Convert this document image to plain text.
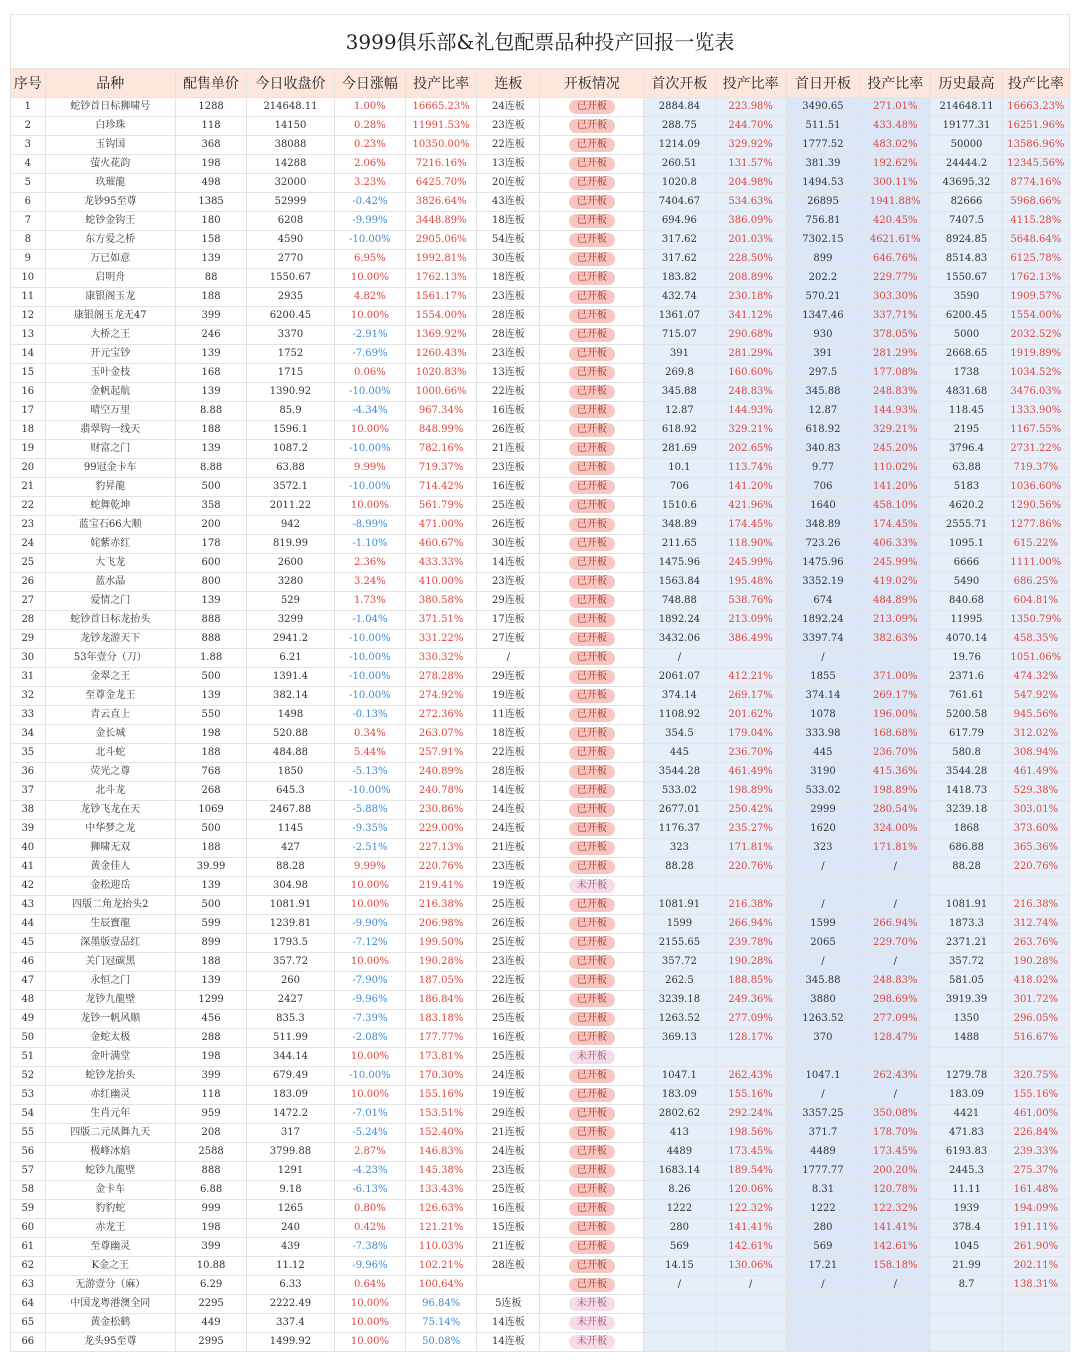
3999俱乐部&礼包配票品种投产回报一览表
序号	品种	配售单价	今日收盘价	今日涨幅	投产比率	连板	开板情况	首次开板	投产比率	首日开板	投产比率	历史最高	投产比率
1	蛇钞首日标狮啸号	1288	214648.11	1.00%	16665.23%	24连板	已开板	2884.84	223.98%	3490.65	271.01%	214648.11	16663.23%
2	白珍珠	118	14150	0.28%	11991.53%	23连板	已开板	288.75	244.70%	511.51	433.48%	19177.31	16251.96%
3	玉钩国	368	38088	0.23%	10350.00%	22连板	已开板	1214.09	329.92%	1777.52	483.02%	50000	13586.96%
4	萤火花韵	198	14288	2.06%	7216.16%	13连板	已开板	260.51	131.57%	381.39	192.62%	24444.2	12345.56%
5	玖璀龍	498	32000	3.23%	6425.70%	20连板	已开板	1020.8	204.98%	1494.53	300.11%	43695.32	8774.16%
6	龙钞95至尊	1385	52999	-0.42%	3826.64%	43连板	已开板	7404.67	534.63%	26895	1941.88%	82666	5968.66%
7	蛇钞金钩王	180	6208	-9.99%	3448.89%	18连板	已开板	694.96	386.09%	756.81	420.45%	7407.5	4115.28%
8	东方爱之桥	158	4590	-10.00%	2905.06%	54连板	已开板	317.62	201.03%	7302.15	4621.61%	8924.85	5648.64%
9	万已如意	139	2770	6.95%	1992.81%	30连板	已开板	317.62	228.50%	899	646.76%	8514.83	6125.78%
10	启明舟	88	1550.67	10.00%	1762.13%	18连板	已开板	183.82	208.89%	202.2	229.77%	1550.67	1762.13%
11	康银阁玉龙	188	2935	4.82%	1561.17%	23连板	已开板	432.74	230.18%	570.21	303.30%	3590	1909.57%
12	康银阁玉龙无47	399	6200.45	10.00%	1554.00%	28连板	已开板	1361.07	341.12%	1347.46	337.71%	6200.45	1554.00%
13	大桥之王	246	3370	-2.91%	1369.92%	28连板	已开板	715.07	290.68%	930	378.05%	5000	2032.52%
14	开元宝钞	139	1752	-7.69%	1260.43%	23连板	已开板	391	281.29%	391	281.29%	2668.65	1919.89%
15	玉叶金枝	168	1715	0.06%	1020.83%	13连板	已开板	269.8	160.60%	297.5	177.08%	1738	1034.52%
16	金帆起航	139	1390.92	-10.00%	1000.66%	22连板	已开板	345.88	248.83%	345.88	248.83%	4831.68	3476.03%
17	晴空万里	8.88	85.9	-4.34%	967.34%	16连板	已开板	12.87	144.93%	12.87	144.93%	118.45	1333.90%
18	翡翠钩一线天	188	1596.1	10.00%	848.99%	26连板	已开板	618.92	329.21%	618.92	329.21%	2195	1167.55%
19	财富之门	139	1087.2	-10.00%	782.16%	21连板	已开板	281.69	202.65%	340.83	245.20%	3796.4	2731.22%
20	99冠金卡车	8.88	63.88	9.99%	719.37%	23连板	已开板	10.1	113.74%	9.77	110.02%	63.88	719.37%
21	豹昇龍	500	3572.1	-10.00%	714.42%	16连板	已开板	706	141.20%	706	141.20%	5183	1036.60%
22	蛇舞乾坤	358	2011.22	10.00%	561.79%	25连板	已开板	1510.6	421.96%	1640	458.10%	4620.2	1290.56%
23	蓝宝石66大顺	200	942	-8.99%	471.00%	26连板	已开板	348.89	174.45%	348.89	174.45%	2555.71	1277.86%
24	姹紫赤红	178	819.99	-1.10%	460.67%	30连板	已开板	211.65	118.90%	723.26	406.33%	1095.1	615.22%
25	大飞龙	600	2600	2.36%	433.33%	14连板	已开板	1475.96	245.99%	1475.96	245.99%	6666	1111.00%
26	蓝水晶	800	3280	3.24%	410.00%	23连板	已开板	1563.84	195.48%	3352.19	419.02%	5490	686.25%
27	爱情之门	139	529	1.73%	380.58%	29连板	已开板	748.88	538.76%	674	484.89%	840.68	604.81%
28	蛇钞首日标龙抬头	888	3299	-1.04%	371.51%	17连板	已开板	1892.24	213.09%	1892.24	213.09%	11995	1350.79%
29	龙钞龙游天下	888	2941.2	-10.00%	331.22%	27连板	已开板	3432.06	386.49%	3397.74	382.63%	4070.14	458.35%
30	53年壹分（刀）	1.88	6.21	-10.00%	330.32%	/	已开板	/		/		19.76	1051.06%
31	金翠之王	500	1391.4	-10.00%	278.28%	29连板	已开板	2061.07	412.21%	1855	371.00%	2371.6	474.32%
32	至尊金龙王	139	382.14	-10.00%	274.92%	19连板	已开板	374.14	269.17%	374.14	269.17%	761.61	547.92%
33	青云直上	550	1498	-0.13%	272.36%	11连板	已开板	1108.92	201.62%	1078	196.00%	5200.58	945.56%
34	金长城	198	520.88	0.34%	263.07%	18连板	已开板	354.5	179.04%	333.98	168.68%	617.79	312.02%
35	北斗蛇	188	484.88	5.44%	257.91%	22连板	已开板	445	236.70%	445	236.70%	580.8	308.94%
36	荧光之尊	768	1850	-5.13%	240.89%	28连板	已开板	3544.28	461.49%	3190	415.36%	3544.28	461.49%
37	北斗龙	268	645.3	-10.00%	240.78%	14连板	已开板	533.02	198.89%	533.02	198.89%	1418.73	529.38%
38	龙钞飞龙在天	1069	2467.88	-5.88%	230.86%	24连板	已开板	2677.01	250.42%	2999	280.54%	3239.18	303.01%
39	中华梦之龙	500	1145	-9.35%	229.00%	24连板	已开板	1176.37	235.27%	1620	324.00%	1868	373.60%
40	狮啸无双	188	427	-2.51%	227.13%	21连板	已开板	323	171.81%	323	171.81%	686.88	365.36%
41	黄金佳人	39.99	88.28	9.99%	220.76%	23连板	已开板	88.28	220.76%	/	/	88.28	220.76%
42	金松迎岳	139	304.98	10.00%	219.41%	19连板	未开板						
43	四版二角龙抬头2	500	1081.91	10.00%	216.38%	25连板	已开板	1081.91	216.38%	/	/	1081.91	216.38%
44	生辰寶龍	599	1239.81	-9.90%	206.98%	26连板	已开板	1599	266.94%	1599	266.94%	1873.3	312.74%
45	深墨版壹品红	899	1793.5	-7.12%	199.50%	25连板	已开板	2155.65	239.78%	2065	229.70%	2371.21	263.76%
46	关门冠碳黑	188	357.72	10.00%	190.28%	23连板	已开板	357.72	190.28%	/	/	357.72	190.28%
47	永恒之门	139	260	-7.90%	187.05%	22连板	已开板	262.5	188.85%	345.88	248.83%	581.05	418.02%
48	龙钞九龍壁	1299	2427	-9.96%	186.84%	26连板	已开板	3239.18	249.36%	3880	298.69%	3919.39	301.72%
49	龙钞一帆风顺	456	835.3	-7.39%	183.18%	25连板	已开板	1263.52	277.09%	1263.52	277.09%	1350	296.05%
50	金蛇太极	288	511.99	-2.08%	177.77%	16连板	已开板	369.13	128.17%	370	128.47%	1488	516.67%
51	金叶满堂	198	344.14	10.00%	173.81%	25连板	未开板						
52	蛇钞龙抬头	399	679.49	-10.00%	170.30%	24连板	已开板	1047.1	262.43%	1047.1	262.43%	1279.78	320.75%
53	赤红幽灵	118	183.09	10.00%	155.16%	19连板	已开板	183.09	155.16%	/	/	183.09	155.16%
54	生肖元年	959	1472.2	-7.01%	153.51%	29连板	已开板	2802.62	292.24%	3357.25	350.08%	4421	461.00%
55	四版二元凤舞九天	208	317	-5.24%	152.40%	21连板	已开板	413	198.56%	371.7	178.70%	471.83	226.84%
56	极峰冰焰	2588	3799.88	2.87%	146.83%	24连板	已开板	4489	173.45%	4489	173.45%	6193.83	239.33%
57	蛇钞九龍壁	888	1291	-4.23%	145.38%	23连板	已开板	1683.14	189.54%	1777.77	200.20%	2445.3	275.37%
58	金卡车	6.88	9.18	-6.13%	133.43%	25连板	已开板	8.26	120.06%	8.31	120.78%	11.11	161.48%
59	豹豹蛇	999	1265	0.80%	126.63%	16连板	已开板	1222	122.32%	1222	122.32%	1939	194.09%
60	赤龙王	198	240	0.42%	121.21%	15连板	已开板	280	141.41%	280	141.41%	378.4	191.11%
61	至尊幽灵	399	439	-7.38%	110.03%	21连板	已开板	569	142.61%	569	142.61%	1045	261.90%
62	K金之王	10.88	11.12	-9.96%	102.21%	28连板	已开板	14.15	130.06%	17.21	158.18%	21.99	202.11%
63	无游壹分（麻）	6.29	6.33	0.64%	100.64%		已开板	/	/	/	/	8.7	138.31%
64	中国龙粤港澳全同	2295	2222.49	10.00%	96.84%	5连板	未开板						
65	黄金松鹤	449	337.4	10.00%	75.14%	14连板	未开板						
66	龙头95至尊	2995	1499.92	10.00%	50.08%	14连板	未开板						
